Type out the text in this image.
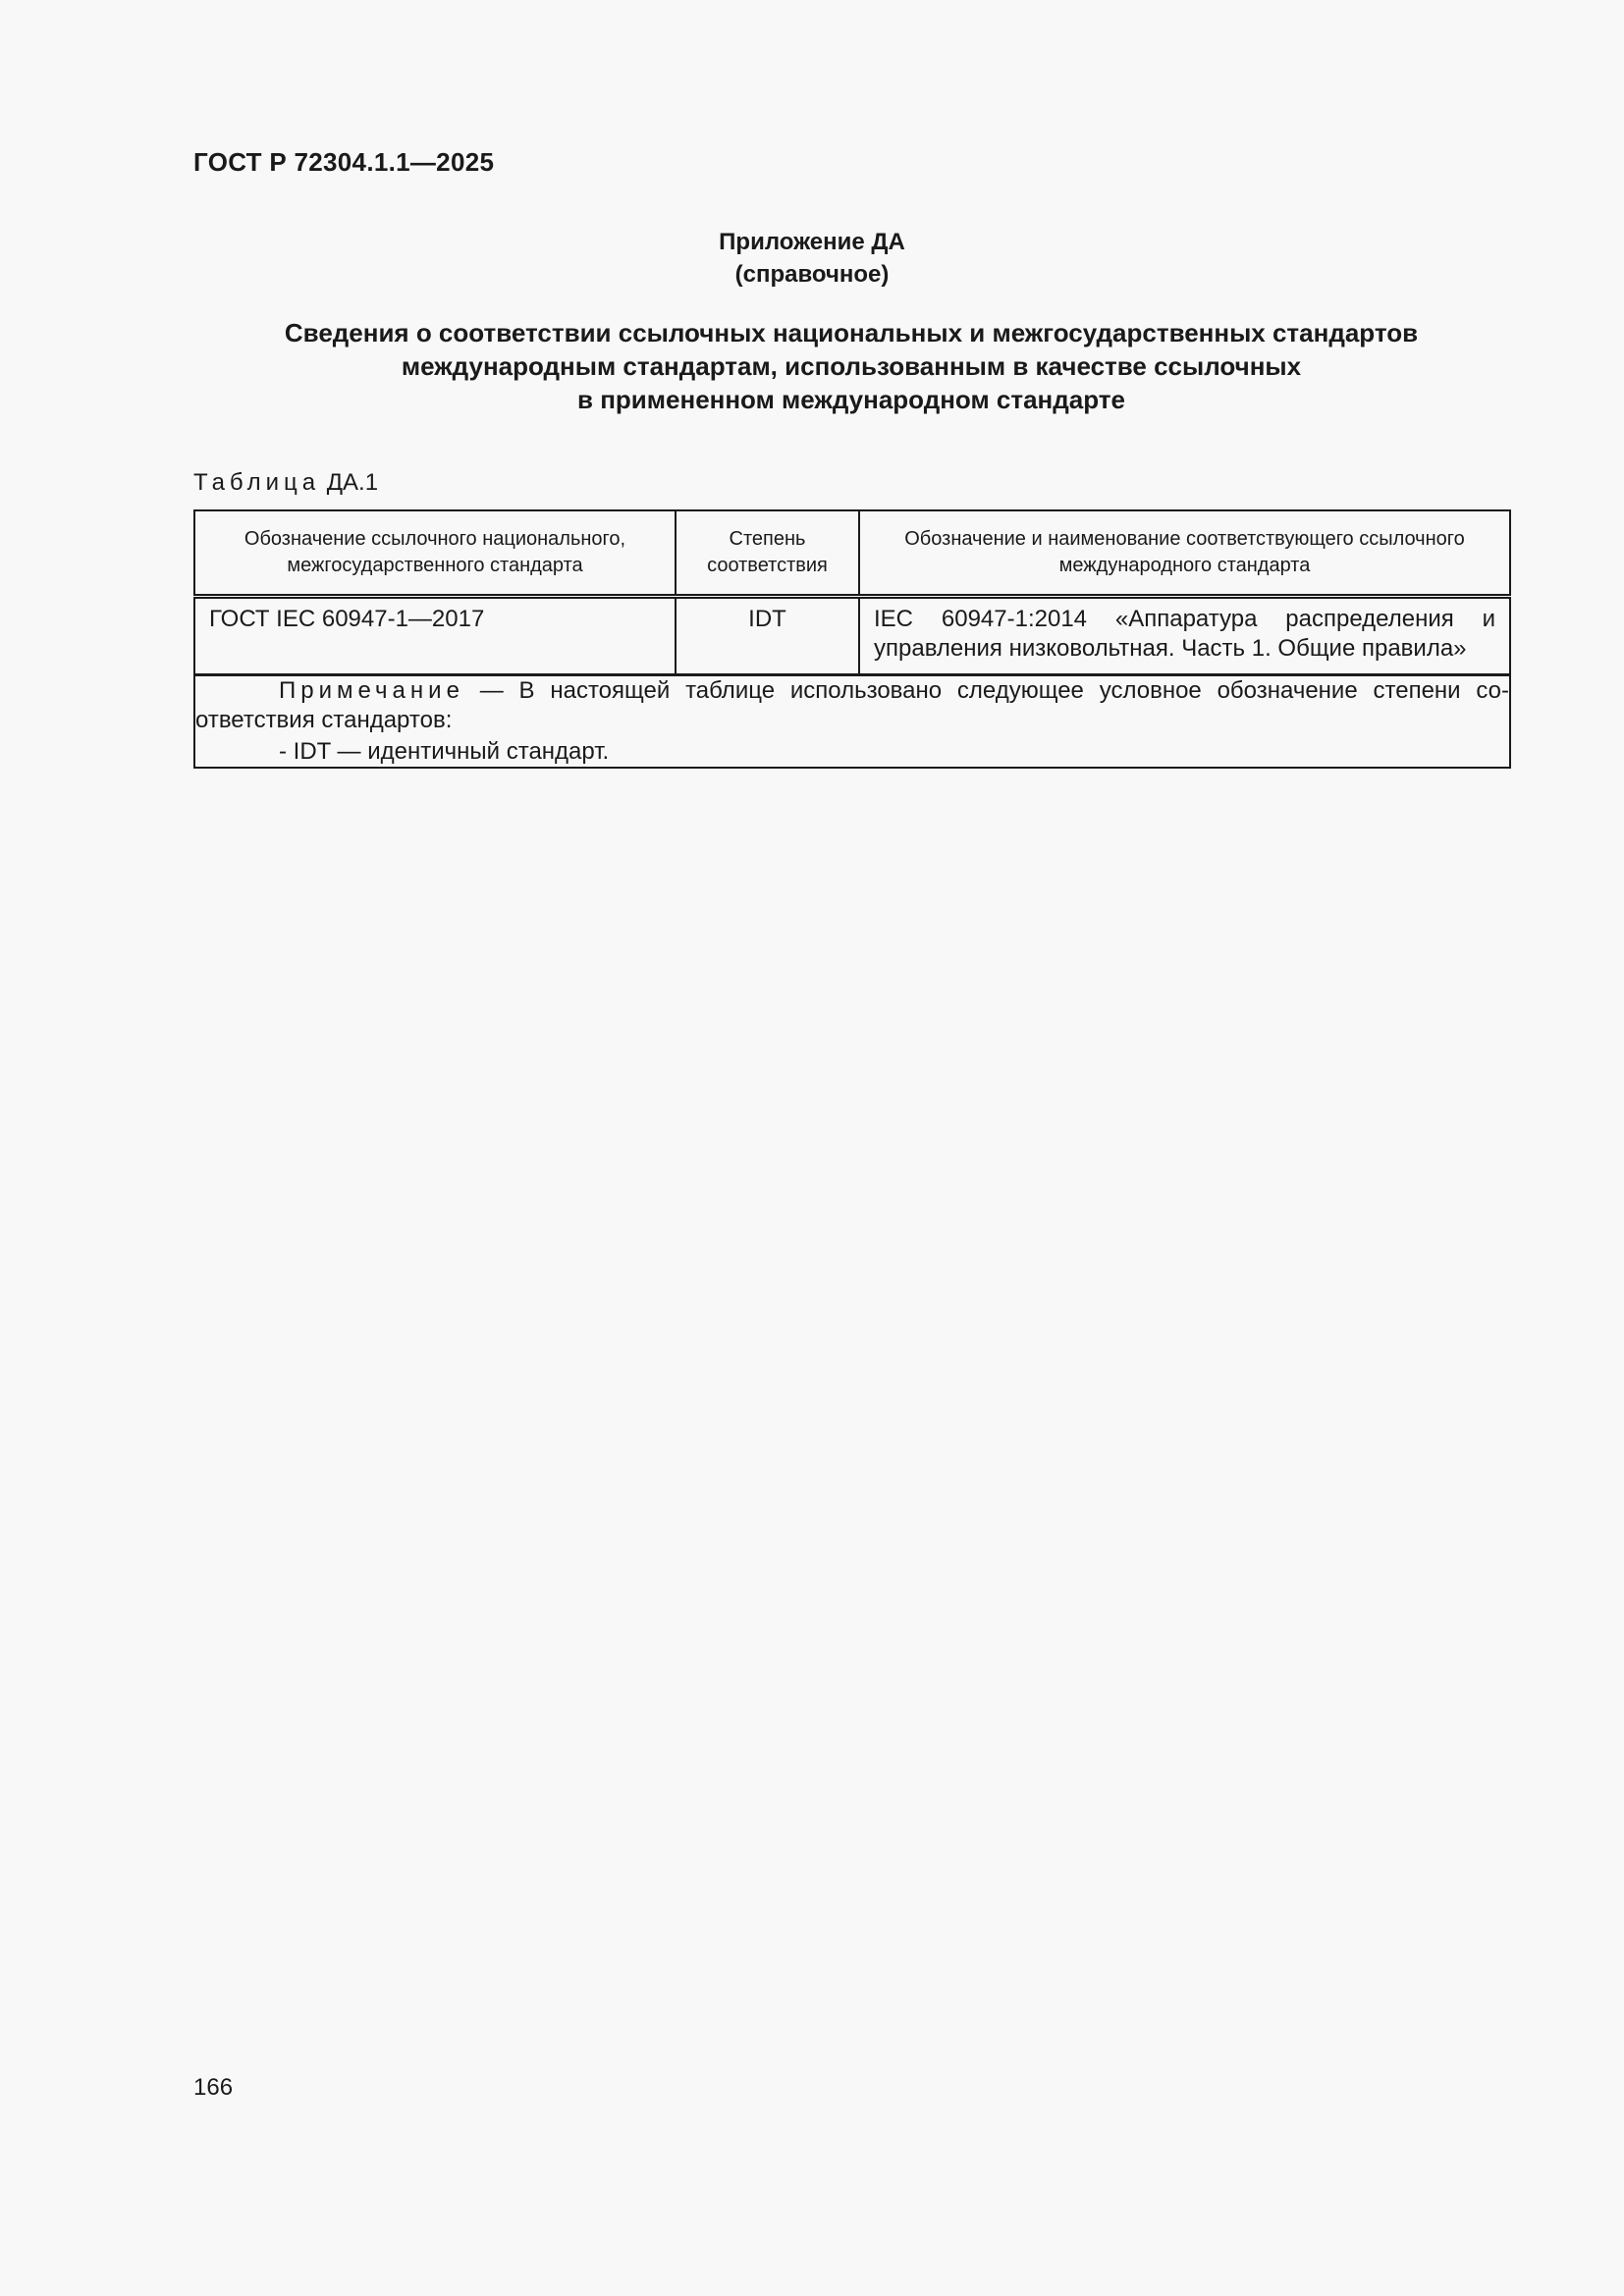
ГОСТ Р 72304.1.1—2025
Приложение ДА
(справочное)
Сведения о соответствии ссылочных национальных и межгосударственных стандартов
международным стандартам, использованным в качестве ссылочных
в примененном международном стандарте
Таблица ДА.1
Обозначение ссылочного национального, межгосударственного стандарта	Степень соответствия	Обозначение и наименование соответствующего ссылочного международного стандарта
ГОСТ IEC 60947-1—2017	IDT	IEC 60947-1:2014 «Аппаратура распределения и
управления низковольтная. Часть 1. Общие правила»

Примечание — В настоящей таблице использовано следующее условное обозначение степени со-ответствия стандартов:
- IDT — идентичный стандарт.		
166
